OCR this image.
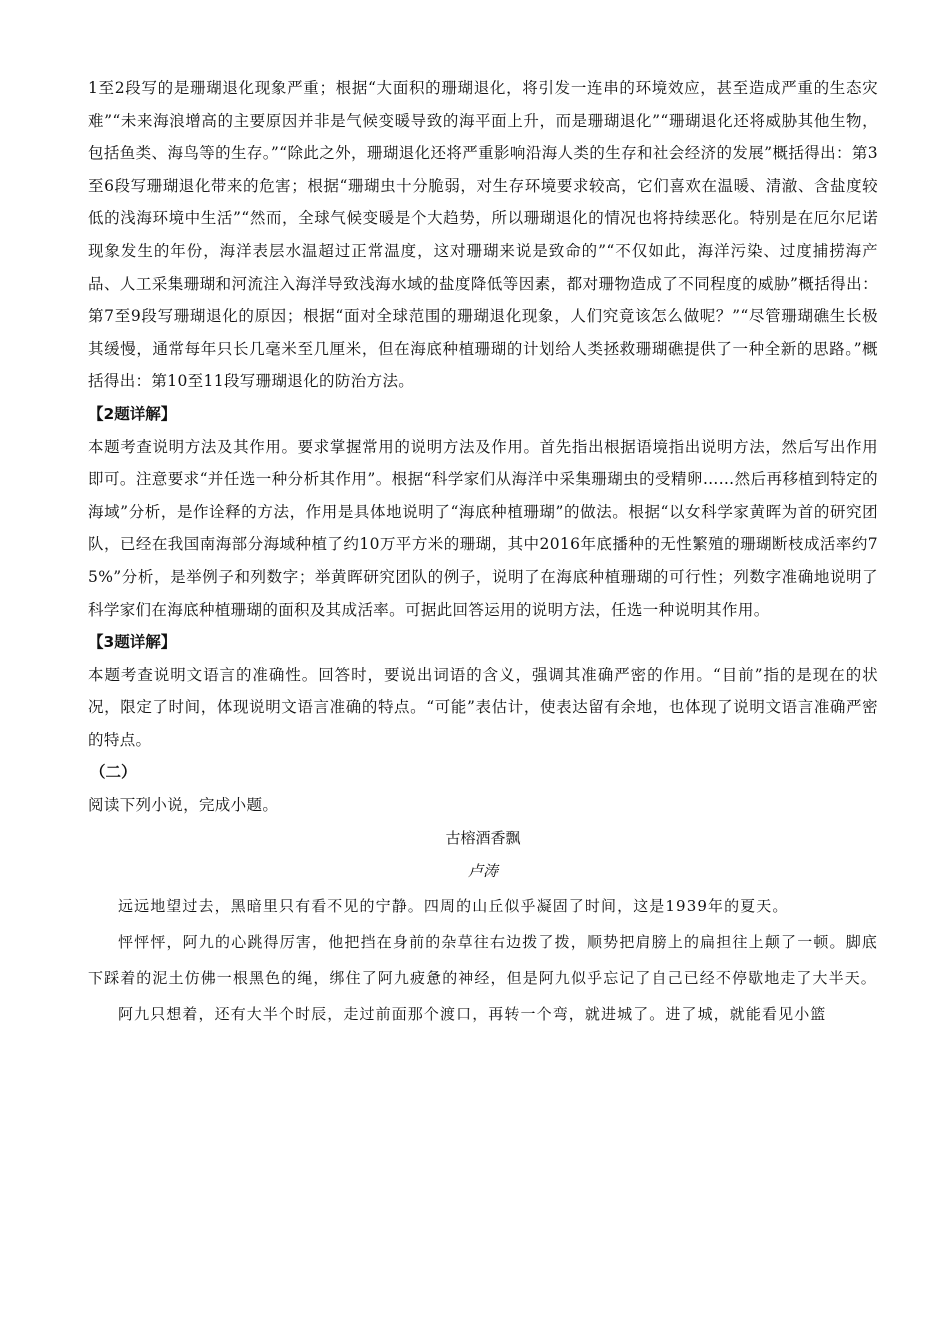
1至2段写的是珊瑚退化现象严重；根据“大面积的珊瑚退化，将引发一连串的环境效应，甚至造成严重的生态灾难”“未来海浪增高的主要原因并非是气候变暖导致的海平面上升，而是珊瑚退化”“珊瑚退化还将威胁其他生物，包括鱼类、海鸟等的生存。”“除此之外，珊瑚退化还将严重影响沿海人类的生存和社会经济的发展”概括得出：第3至6段写珊瑚退化带来的危害；根据“珊瑚虫十分脆弱，对生存环境要求较高，它们喜欢在温暖、清澈、含盐度较低的浅海环境中生活”“然而，全球气候变暖是个大趋势，所以珊瑚退化的情况也将持续恶化。特别是在厄尔尼诺现象发生的年份，海洋表层水温超过正常温度，这对珊瑚来说是致命的”“不仅如此，海洋污染、过度捕捞海产品、人工采集珊瑚和河流注入海洋导致浅海水域的盐度降低等因素，都对珊物造成了不同程度的威胁”概括得出：第7至9段写珊瑚退化的原因；根据“面对全球范围的珊瑚退化现象，人们究竟该怎么做呢？”“尽管珊瑚礁生长极其缓慢，通常每年只长几毫米至几厘米，但在海底种植珊瑚的计划给人类拯救珊瑚礁提供了一种全新的思路。”概括得出：第10至11段写珊瑚退化的防治方法。

【2题详解】

本题考查说明方法及其作用。要求掌握常用的说明方法及作用。首先指出根据语境指出说明方法，然后写出作用即可。注意要求“并任选一种分析其作用”。根据“科学家们从海洋中采集珊瑚虫的受精卵……然后再移植到特定的海域”分析，是作诠释的方法，作用是具体地说明了“海底种植珊瑚”的做法。根据“以女科学家黄晖为首的研究团队，已经在我国南海部分海域种植了约10万平方米的珊瑚，其中2016年底播种的无性繁殖的珊瑚断枝成活率约75%”分析，是举例子和列数字；举黄晖研究团队的例子，说明了在海底种植珊瑚的可行性；列数字准确地说明了科学家们在海底种植珊瑚的面积及其成活率。可据此回答运用的说明方法，任选一种说明其作用。

【3题详解】

本题考查说明文语言的准确性。回答时，要说出词语的含义，强调其准确严密的作用。“目前”指的是现在的状况，限定了时间，体现说明文语言准确的特点。“可能”表估计，使表达留有余地，也体现了说明文语言准确严密的特点。

（二）

阅读下列小说，完成小题。

古榕酒香飘

卢涛

远远地望过去，黑暗里只有看不见的宁静。四周的山丘似乎凝固了时间，这是1939年的夏天。

怦怦怦，阿九的心跳得厉害，他把挡在身前的杂草往右边拨了拨，顺势把肩膀上的扁担往上颠了一顿。脚底下踩着的泥土仿佛一根黑色的绳，绑住了阿九疲惫的神经，但是阿九似乎忘记了自己已经不停歇地走了大半天。

阿九只想着，还有大半个时辰，走过前面那个渡口，再转一个弯，就进城了。进了城，就能看见小篮
